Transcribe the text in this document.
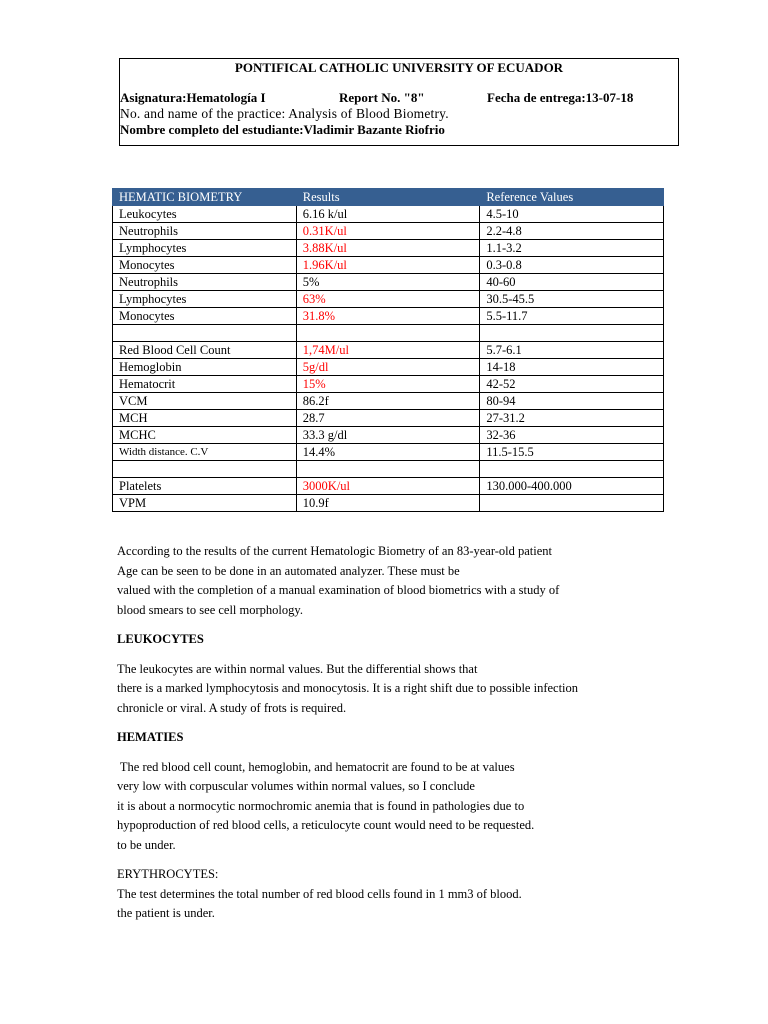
PONTIFICAL CATHOLIC UNIVERSITY OF ECUADOR
Asignatura:Hematología I	Report No. "8"	Fecha de entrega:13-07-18
No. and name of the practice: Analysis of Blood Biometry.
Nombre completo del estudiante:Vladimir Bazante Riofrio
HEMATIC BIOMETRY	Results	Reference Values
Leukocytes	6.16 k/ul	4.5-10
Neutrophils	0.31K/ul	2.2-4.8
Lymphocytes	3.88K/ul	1.1-3.2
Monocytes	1.96K/ul	0.3-0.8
Neutrophils	5%	40-60
Lymphocytes	63%	30.5-45.5
Monocytes	31.8%	5.5-11.7

Red Blood Cell Count	1,74M/ul	5.7-6.1
Hemoglobin	5g/dl	14-18
Hematocrit	15%	42-52
VCM	86.2f	80-94
MCH	28.7	27-31.2
MCHC	33.3 g/dl	32-36
Width distance. C.V	14.4%	11.5-15.5

Platelets	3000K/ul	130.000-400.000
VPM	10.9f	

According to the results of the current Hematologic Biometry of an 83-year-old patient

Age can be seen to be done in an automated analyzer. These must be

valued with the completion of a manual examination of blood biometrics with a study of

blood smears to see cell morphology.

LEUKOCYTES

The leukocytes are within normal values. But the differential shows that

there is a marked lymphocytosis and monocytosis. It is a right shift due to possible infection

chronicle or viral. A study of frots is required.

HEMATIES

The red blood cell count, hemoglobin, and hematocrit are found to be at values

very low with corpuscular volumes within normal values, so I conclude

it is about a normocytic normochromic anemia that is found in pathologies due to

hypoproduction of red blood cells, a reticulocyte count would need to be requested.

to be under.

ERYTHROCYTES:

The test determines the total number of red blood cells found in 1 mm3 of blood.

the patient is under.
